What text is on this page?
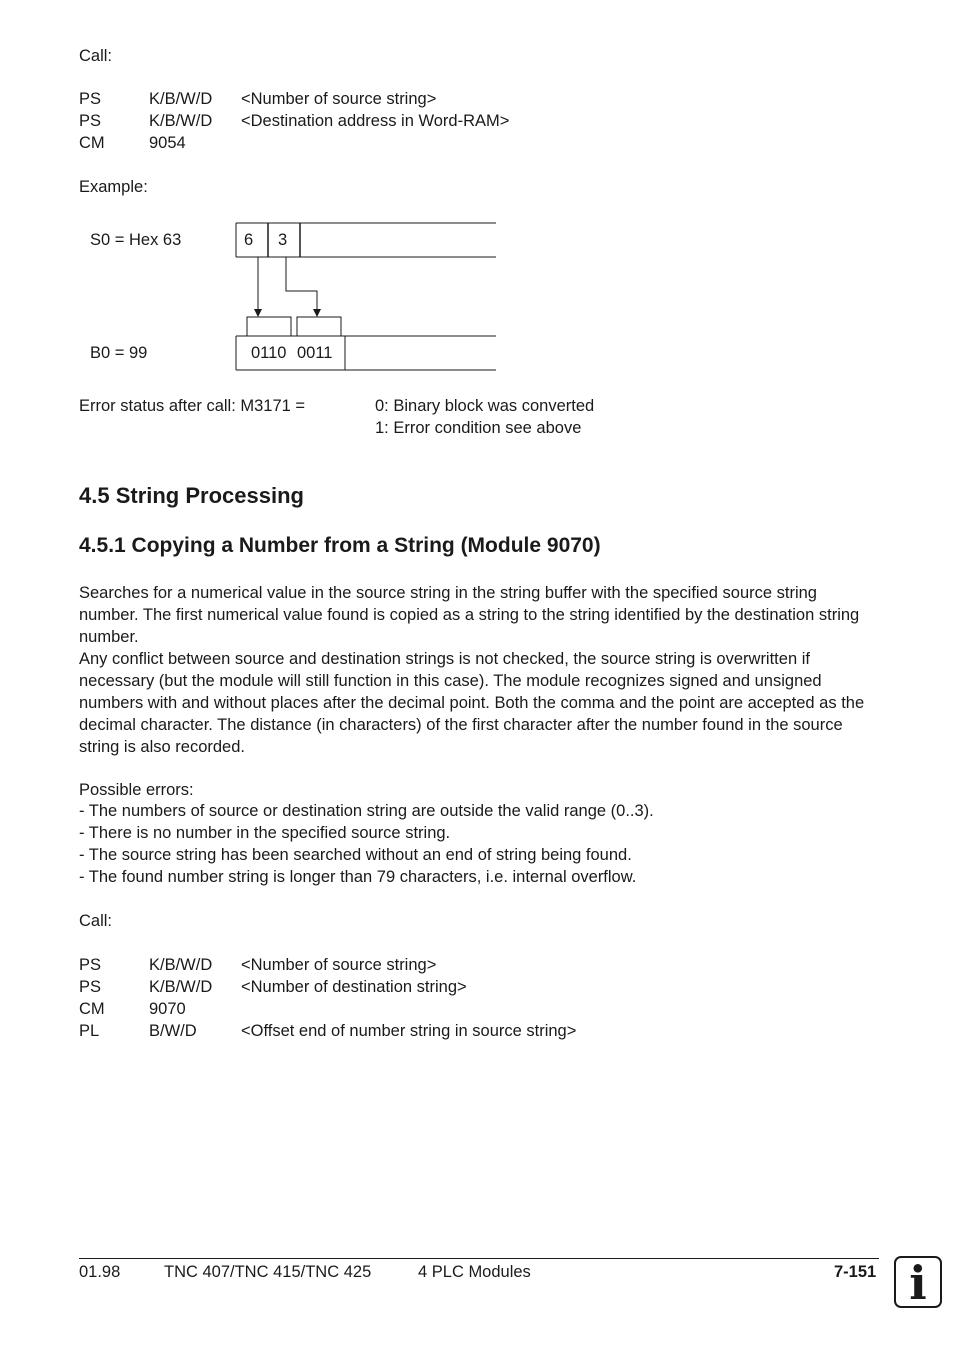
Call:
PS	K/B/W/D <Number of source string>
PS	K/B/W/D <Destination address in Word-RAM>
CM	9054
Example:
S0 = Hex 63	6 3
0110 0011
B0 = 99
Error status after call: M3171 =	0: Binary block was converted
1: Error condition see above
4.5 String Processing
4.5.1 Copying a Number from a String (Module 9070)

Searches for a numerical value in the source string in the string buffer with the specified source string number. The first numerical value found is copied as a string to the string identified by the destination string number.

Any conflict between source and destination strings is not checked, the source string is overwritten if necessary (but the module will still function in this case). The module recognizes signed and unsigned numbers with and without places after the decimal point. Both the comma and the point are accepted as the decimal character. The distance (in characters) of the first character after the number found in the source string is also recorded.

Possible errors:
- The numbers of source or destination string are outside the valid range (0..3).
- There is no number in the specified source string.
- The source string has been searched without an end of string being found.
- The found number string is longer than 79 characters, i.e. internal overflow.
Call:
PS	K/B/W/D <Number of source string>
PS	K/B/W/D <Number of destination string>
CM	9070
PL	B/W/D	<Offset end of number string in source string>
01.98	TNC 407/TNC 415/TNC 425	4 PLC Modules	7-151 i
